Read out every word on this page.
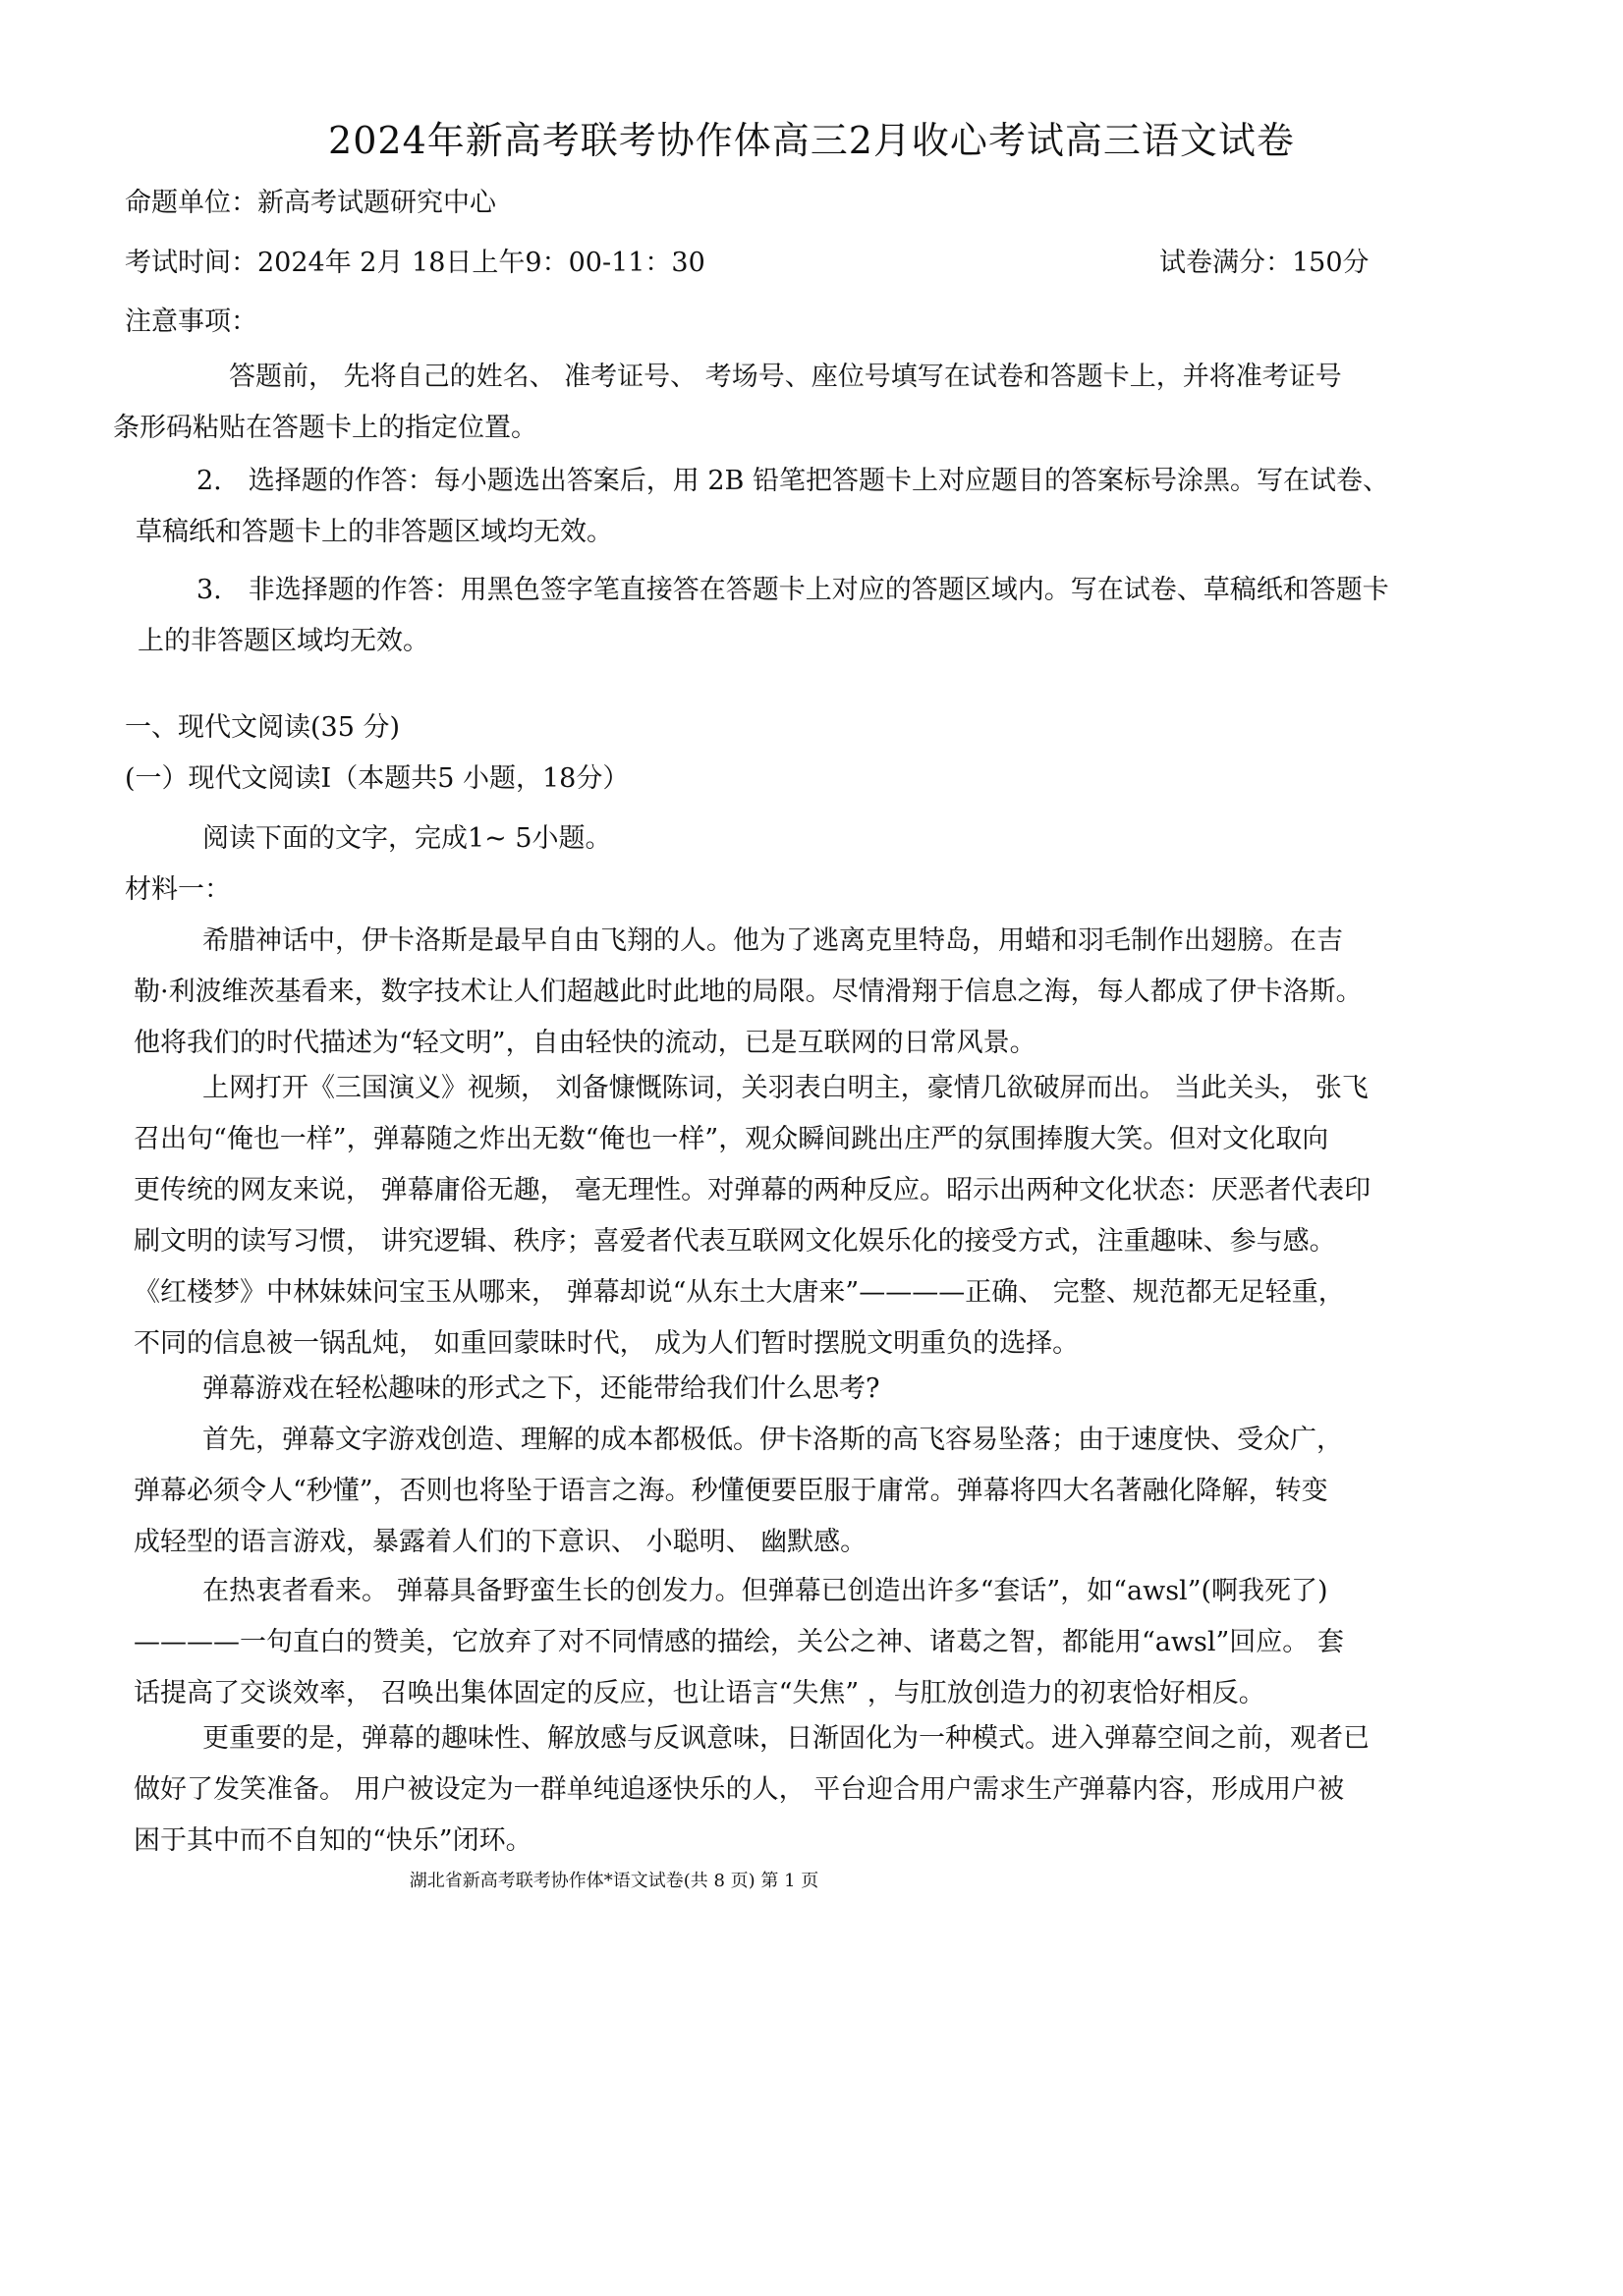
2024年新高考联考协作体高三2月收心考试高三语文试卷
命题单位：新高考试题研究中心
考试时间：2024年 2月 18日上午9：00-11：30	试卷满分：150分
注意事项：
答题前， 先将自己的姓名、 准考证号、 考场号、座位号填写在试卷和答题卡上，并将准考证号
条形码粘贴在答题卡上的指定位置。
2.　选择题的作答：每小题选出答案后，用 2B 铅笔把答题卡上对应题目的答案标号涂黑。写在试卷、
草稿纸和答题卡上的非答题区域均无效。
3.　非选择题的作答：用黑色签字笔直接答在答题卡上对应的答题区域内。写在试卷、草稿纸和答题卡
上的非答题区域均无效。
一、现代文阅读(35 分)
(一）现代文阅读Ⅰ（本题共5 小题，18分）
阅读下面的文字，完成1~ 5小题。
材料一：
希腊神话中，伊卡洛斯是最早自由飞翔的人。他为了逃离克里特岛，用蜡和羽毛制作出翅膀。在吉
勒·利波维茨基看来，数字技术让人们超越此时此地的局限。尽情滑翔于信息之海，每人都成了伊卡洛斯。
他将我们的时代描述为“轻文明”，自由轻快的流动，已是互联网的日常风景。
上网打开《三国演义》视频， 刘备慷慨陈词，关羽表白明主，豪情几欲破屏而出。 当此关头， 张飞
召出句“俺也一样”，弹幕随之炸出无数“俺也一样”，观众瞬间跳出庄严的氛围捧腹大笑。但对文化取向
更传统的网友来说， 弹幕庸俗无趣， 毫无理性。对弹幕的两种反应。昭示出两种文化状态：厌恶者代表印
刷文明的读写习惯， 讲究逻辑、秩序；喜爱者代表互联网文化娱乐化的接受方式，注重趣味、参与感。
《红楼梦》中林妹妹问宝玉从哪来， 弹幕却说“从东土大唐来”————正确、 完整、规范都无足轻重，
不同的信息被一锅乱炖， 如重回蒙昧时代， 成为人们暂时摆脱文明重负的选择。
弹幕游戏在轻松趣味的形式之下，还能带给我们什么思考?
首先，弹幕文字游戏创造、理解的成本都极低。伊卡洛斯的高飞容易坠落；由于速度快、受众广，
弹幕必须令人“秒懂”，否则也将坠于语言之海。秒懂便要臣服于庸常。弹幕将四大名著融化降解，转变
成轻型的语言游戏，暴露着人们的下意识、 小聪明、 幽默感。
在热衷者看来。 弹幕具备野蛮生长的创发力。但弹幕已创造出许多“套话”，如“awsl”(啊我死了)
————一句直白的赞美，它放弃了对不同情感的描绘，关公之神、诸葛之智，都能用“awsl”回应。 套
话提高了交谈效率， 召唤出集体固定的反应，也让语言“失焦” ，与肛放创造力的初衷恰好相反。
更重要的是，弹幕的趣味性、解放感与反讽意味，日渐固化为一种模式。进入弹幕空间之前，观者已
做好了发笑准备。 用户被设定为一群单纯追逐快乐的人， 平台迎合用户需求生产弹幕内容，形成用户被
困于其中而不自知的“快乐”闭环。
湖北省新高考联考协作体*语文试卷(共 8 页) 第 1 页
